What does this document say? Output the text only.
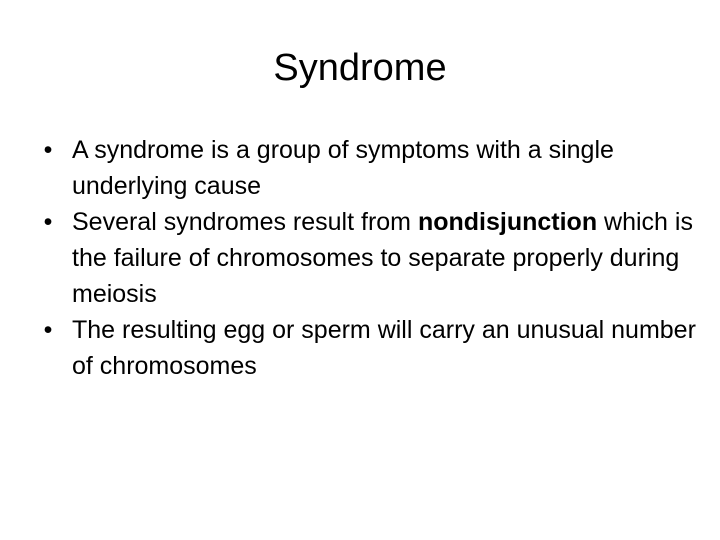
Syndrome
• A syndrome is a group of symptoms with a single underlying cause
• Several syndromes result from nondisjunction which is the failure of chromosomes to separate properly during meiosis
• The resulting egg or sperm will carry an unusual number of chromosomes
